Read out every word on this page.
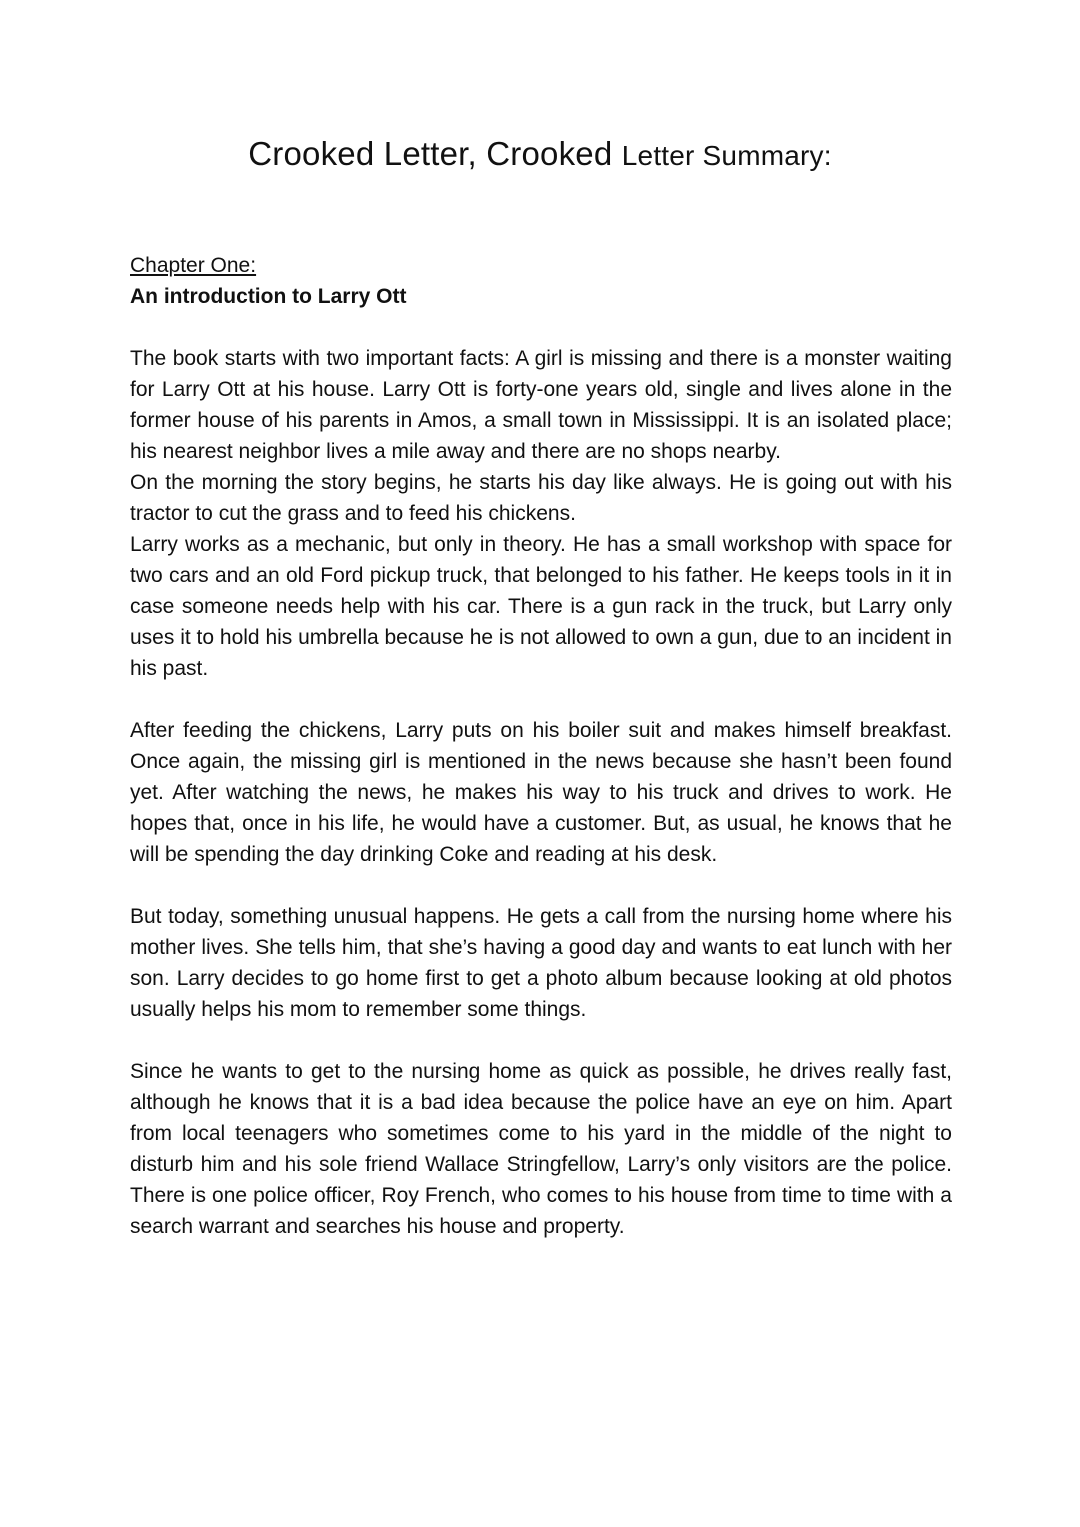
Crooked Letter, Crooked Letter Summary:

Chapter One:

An introduction to Larry Ott

The book starts with two important facts: A girl is missing and there is a monster waiting for Larry Ott at his house. Larry Ott is forty-one years old, single and lives alone in the former house of his parents in Amos, a small town in Mississippi. It is an isolated place; his nearest neighbor lives a mile away and there are no shops nearby.

On the morning the story begins, he starts his day like always. He is going out with his tractor to cut the grass and to feed his chickens.

Larry works as a mechanic, but only in theory. He has a small workshop with space for two cars and an old Ford pickup truck, that belonged to his father. He keeps tools in it in case someone needs help with his car. There is a gun rack in the truck, but Larry only uses it to hold his umbrella because he is not allowed to own a gun, due to an incident in his past.

After feeding the chickens, Larry puts on his boiler suit and makes himself breakfast. Once again, the missing girl is mentioned in the news because she hasn’t been found yet. After watching the news, he makes his way to his truck and drives to work. He hopes that, once in his life, he would have a customer. But, as usual, he knows that he will be spending the day drinking Coke and reading at his desk.

But today, something unusual happens. He gets a call from the nursing home where his mother lives. She tells him, that she’s having a good day and wants to eat lunch with her son. Larry decides to go home first to get a photo album because looking at old photos usually helps his mom to remember some things.

Since he wants to get to the nursing home as quick as possible, he drives really fast, although he knows that it is a bad idea because the police have an eye on him. Apart from local teenagers who sometimes come to his yard in the middle of the night to disturb him and his sole friend Wallace Stringfellow, Larry’s only visitors are the police. There is one police officer, Roy French, who comes to his house from time to time with a search warrant and searches his house and property.
